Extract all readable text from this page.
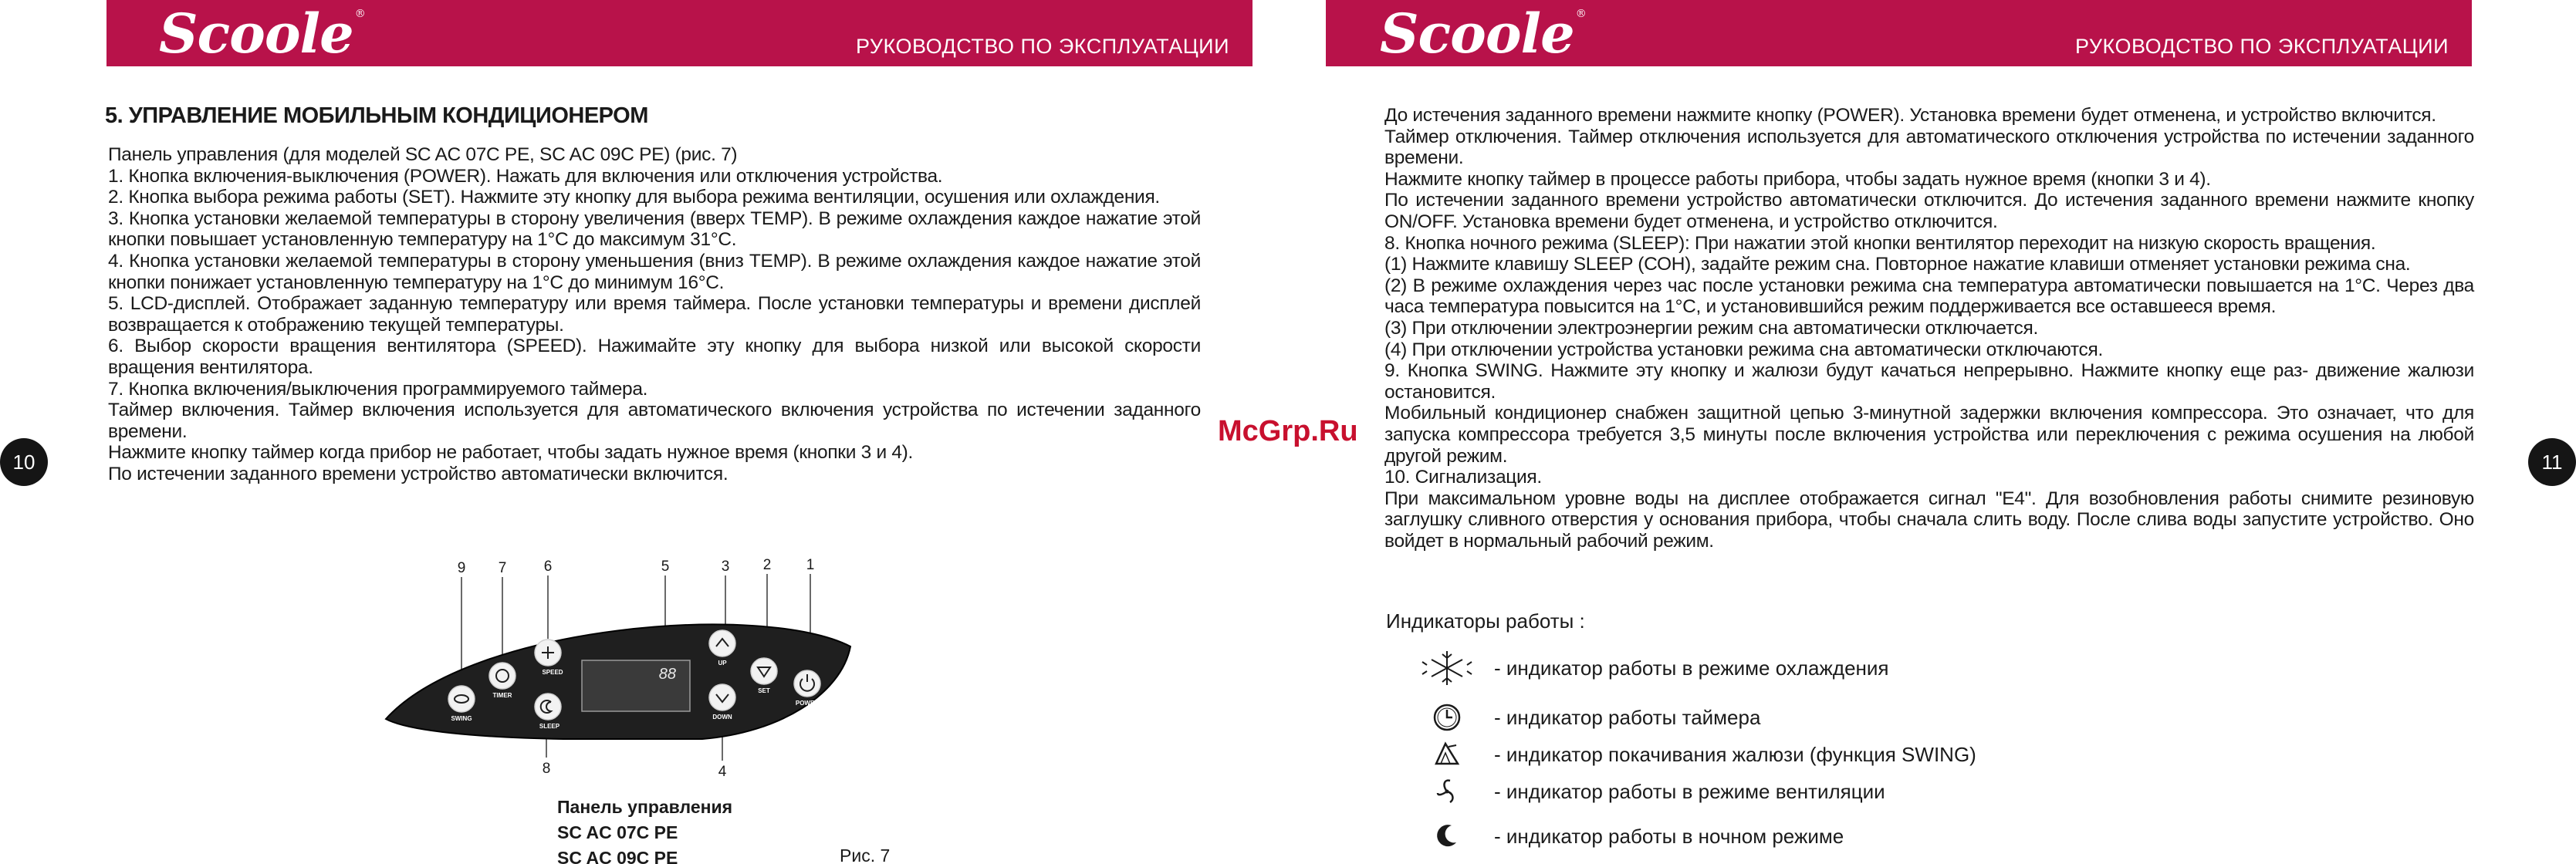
Scoole ®
РУКОВОДСТВО ПО ЭКСПЛУАТАЦИИ
5. УПРАВЛЕНИЕ МОБИЛЬНЫМ КОНДИЦИОНЕРОМ

Панель управления (для моделей SC AC 07C PE, SC AC 09C PE) (рис. 7)

1. Кнопка включения-выключения (POWER). Нажать для включения или отключения устройства.

2. Кнопка выбора режима работы (SET). Нажмите эту кнопку для выбора режима вентиляции, осушения или охлаждения.

3. Кнопка установки желаемой температуры в сторону увеличения (вверх TEMP). В режиме охлаждения каждое нажатие этой кнопки повышает установленную температуру на 1°С до максимум 31°С.

4. Кнопка установки желаемой температуры в сторону уменьшения (вниз TEMP). В режиме охлаждения каждое нажатие этой кнопки понижает установленную температуру на 1°С до минимум 16°С.

5. LCD-дисплей. Отображает заданную температуру или время таймера. После установки температуры и времени дисплей возвращается к отображению текущей температуры.

6. Выбор скорости вращения вентилятора (SPEED). Нажимайте эту кнопку для выбора низкой или высокой скорости вращения вентилятора.

7. Кнопка включения/выключения программируемого таймера.

Таймер включения. Таймер включения используется для автоматического включения устройства по истечении заданного времени.

Нажмите кнопку таймер когда прибор не работает, чтобы задать нужное время (кнопки 3 и 4).

По истечении заданного времени устройство автоматически включится.

10
McGrp.Ru
9 7	6	5	3 2 1
8	4
88
SWING
TIMER
SPEED
SLEEP
UP
DOWN
SET
POWER
Панель управления
SC AC 07C PE
SC AC 09C PE	Рис. 7
Scoole ®
РУКОВОДСТВО ПО ЭКСПЛУАТАЦИИ

До истечения заданного времени нажмите кнопку (POWER). Установка времени будет отменена, и устройство включится.

Таймер отключения. Таймер отключения используется для автоматического отключения устройства по истечении заданного времени.

Нажмите кнопку таймер в процессе работы прибора, чтобы задать нужное время (кнопки 3 и 4).

По истечении заданного времени устройство автоматически отключится. До истечения заданного времени нажмите кнопку ON/OFF. Установка времени будет отменена, и устройство отключится.

8. Кнопка ночного режима (SLEEP): При нажатии этой кнопки вентилятор переходит на низкую скорость вращения.

(1) Нажмите клавишу SLEEP (СОН), задайте режим сна. Повторное нажатие клавиши отменяет установки режима сна.

(2) В режиме охлаждения через час после установки режима сна температура автоматически повышается на 1°С. Через два часа температура повысится на 1°С, и установившийся режим поддерживается все оставшееся время.

(3) При отключении электроэнергии режим сна автоматически отключается.

(4) При отключении устройства установки режима сна автоматически отключаются.

9. Кнопка SWING. Нажмите эту кнопку и жалюзи будут качаться непрерывно. Нажмите кнопку еще раз- движение жалюзи остановится.

Мобильный кондиционер снабжен защитной цепью 3-минутной задержки включения компрессора. Это означает, что для запуска компрессора требуется 3,5 минуты после включения устройства или переключения с режима осушения на любой другой режим.

10. Сигнализация.

При максимальном уровне воды на дисплее отображается сигнал "Е4". Для возобновления работы снимите резиновую заглушку сливного отверстия у основания прибора, чтобы сначала слить воду. После слива воды запустите устройство. Оно войдет в нормальный рабочий режим.

11
Индикаторы работы :
- индикатор работы в режиме охлаждения
- индикатор работы таймера
- индикатор покачивания жалюзи (функция SWING)
- индикатор работы в режиме вентиляции
- индикатор работы в ночном режиме
